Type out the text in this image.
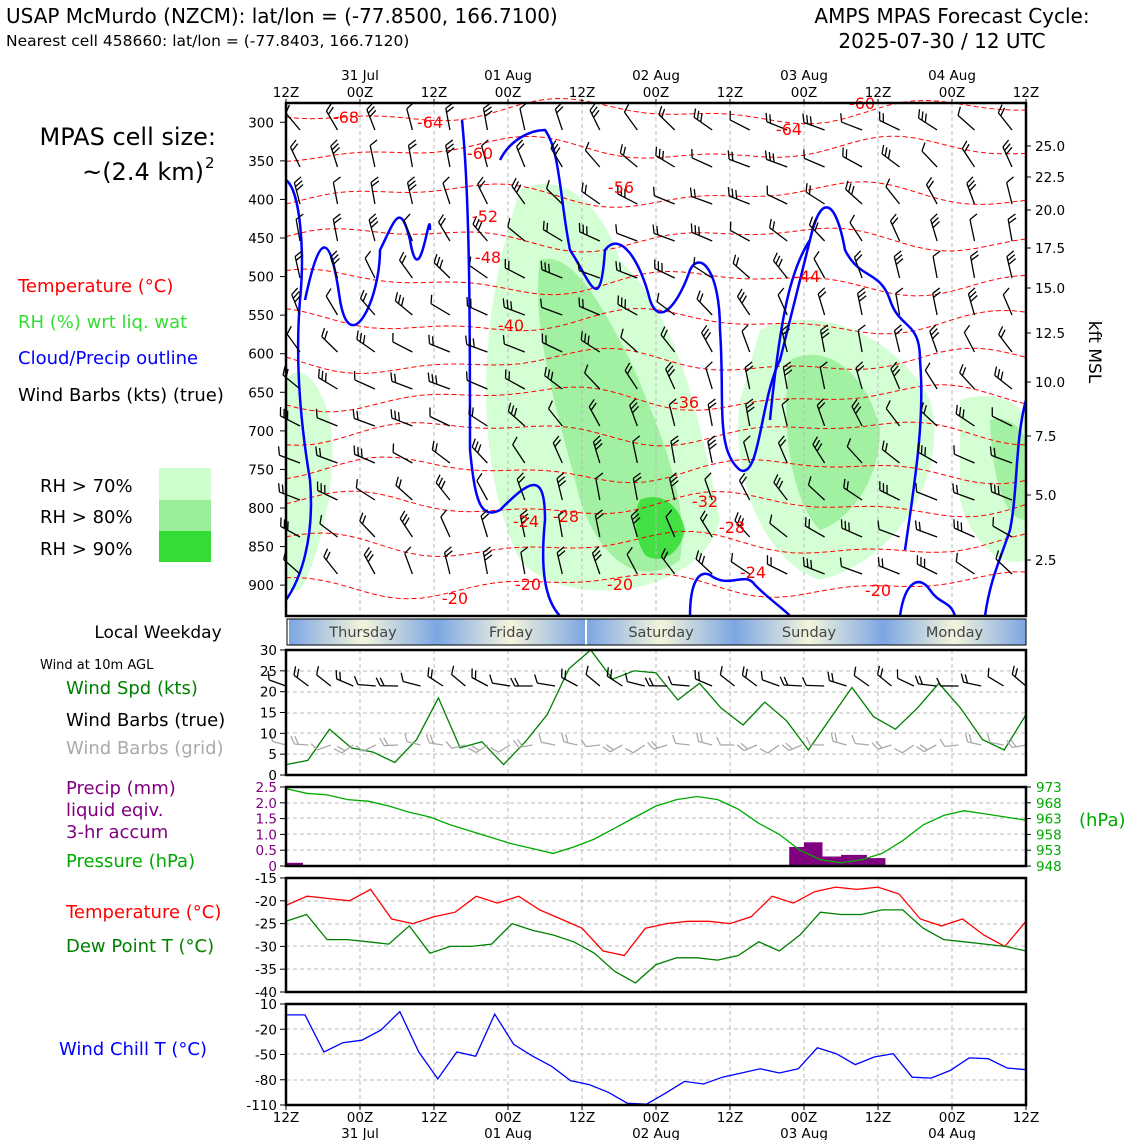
USAP McMurdo (NZCM): lat/lon = (-77.8500, 166.7100)
Nearest cell 458660: lat/lon = (-77.8403, 166.7120)
AMPS MPAS Forecast Cycle:
2025-07-30 / 12 UTC
MPAS cell size:
~(2.4 km) 2
Temperature (°C)
RH (%) wrt liq. wat
Cloud/Precip outline
Wind Barbs (kts) (true)
RH > 70%
RH > 80%
RH > 90%
-68	-64
-60
-56
-52
-48
-40
-44
-64
-60
-36
-32
-28
-24 -28
-20
-20
-24
-20	-20
300
350
400
450
500
550
600
650
700
750
800
850
900
25.0
22.5
20.0
17.5
15.0
12.5
10.0
7.5
5.0
2.5
kft MSL
12Z	00Z	12Z	00Z	12Z	00Z	12Z	00Z	12Z	00Z	12Z
31 Jul	01 Aug	02 Aug	03 Aug	04 Aug
Local Weekday	Thursday	Friday	Saturday	Sunday	Monday
Wind at 10m AGL
Wind Spd (kts)
Wind Barbs (true)
Wind Barbs (grid)
0
5
10
15
20
25
30
Precip (mm)
liquid eqiv.
3-hr accum
Pressure (hPa)
(hPa)
0
0.5
1.0
1.5
2.0
2.5
948
953
958
963
968
973
Temperature (°C)
Dew Point T (°C)
-40
-35
-30
-25
-20
-15
Wind Chill T (°C)
-110
-80
-50
-20
10
12Z	00Z	12Z	00Z	12Z	00Z	12Z	00Z	12Z	00Z	12Z
31 Jul	01 Aug	02 Aug	03 Aug	04 Aug
